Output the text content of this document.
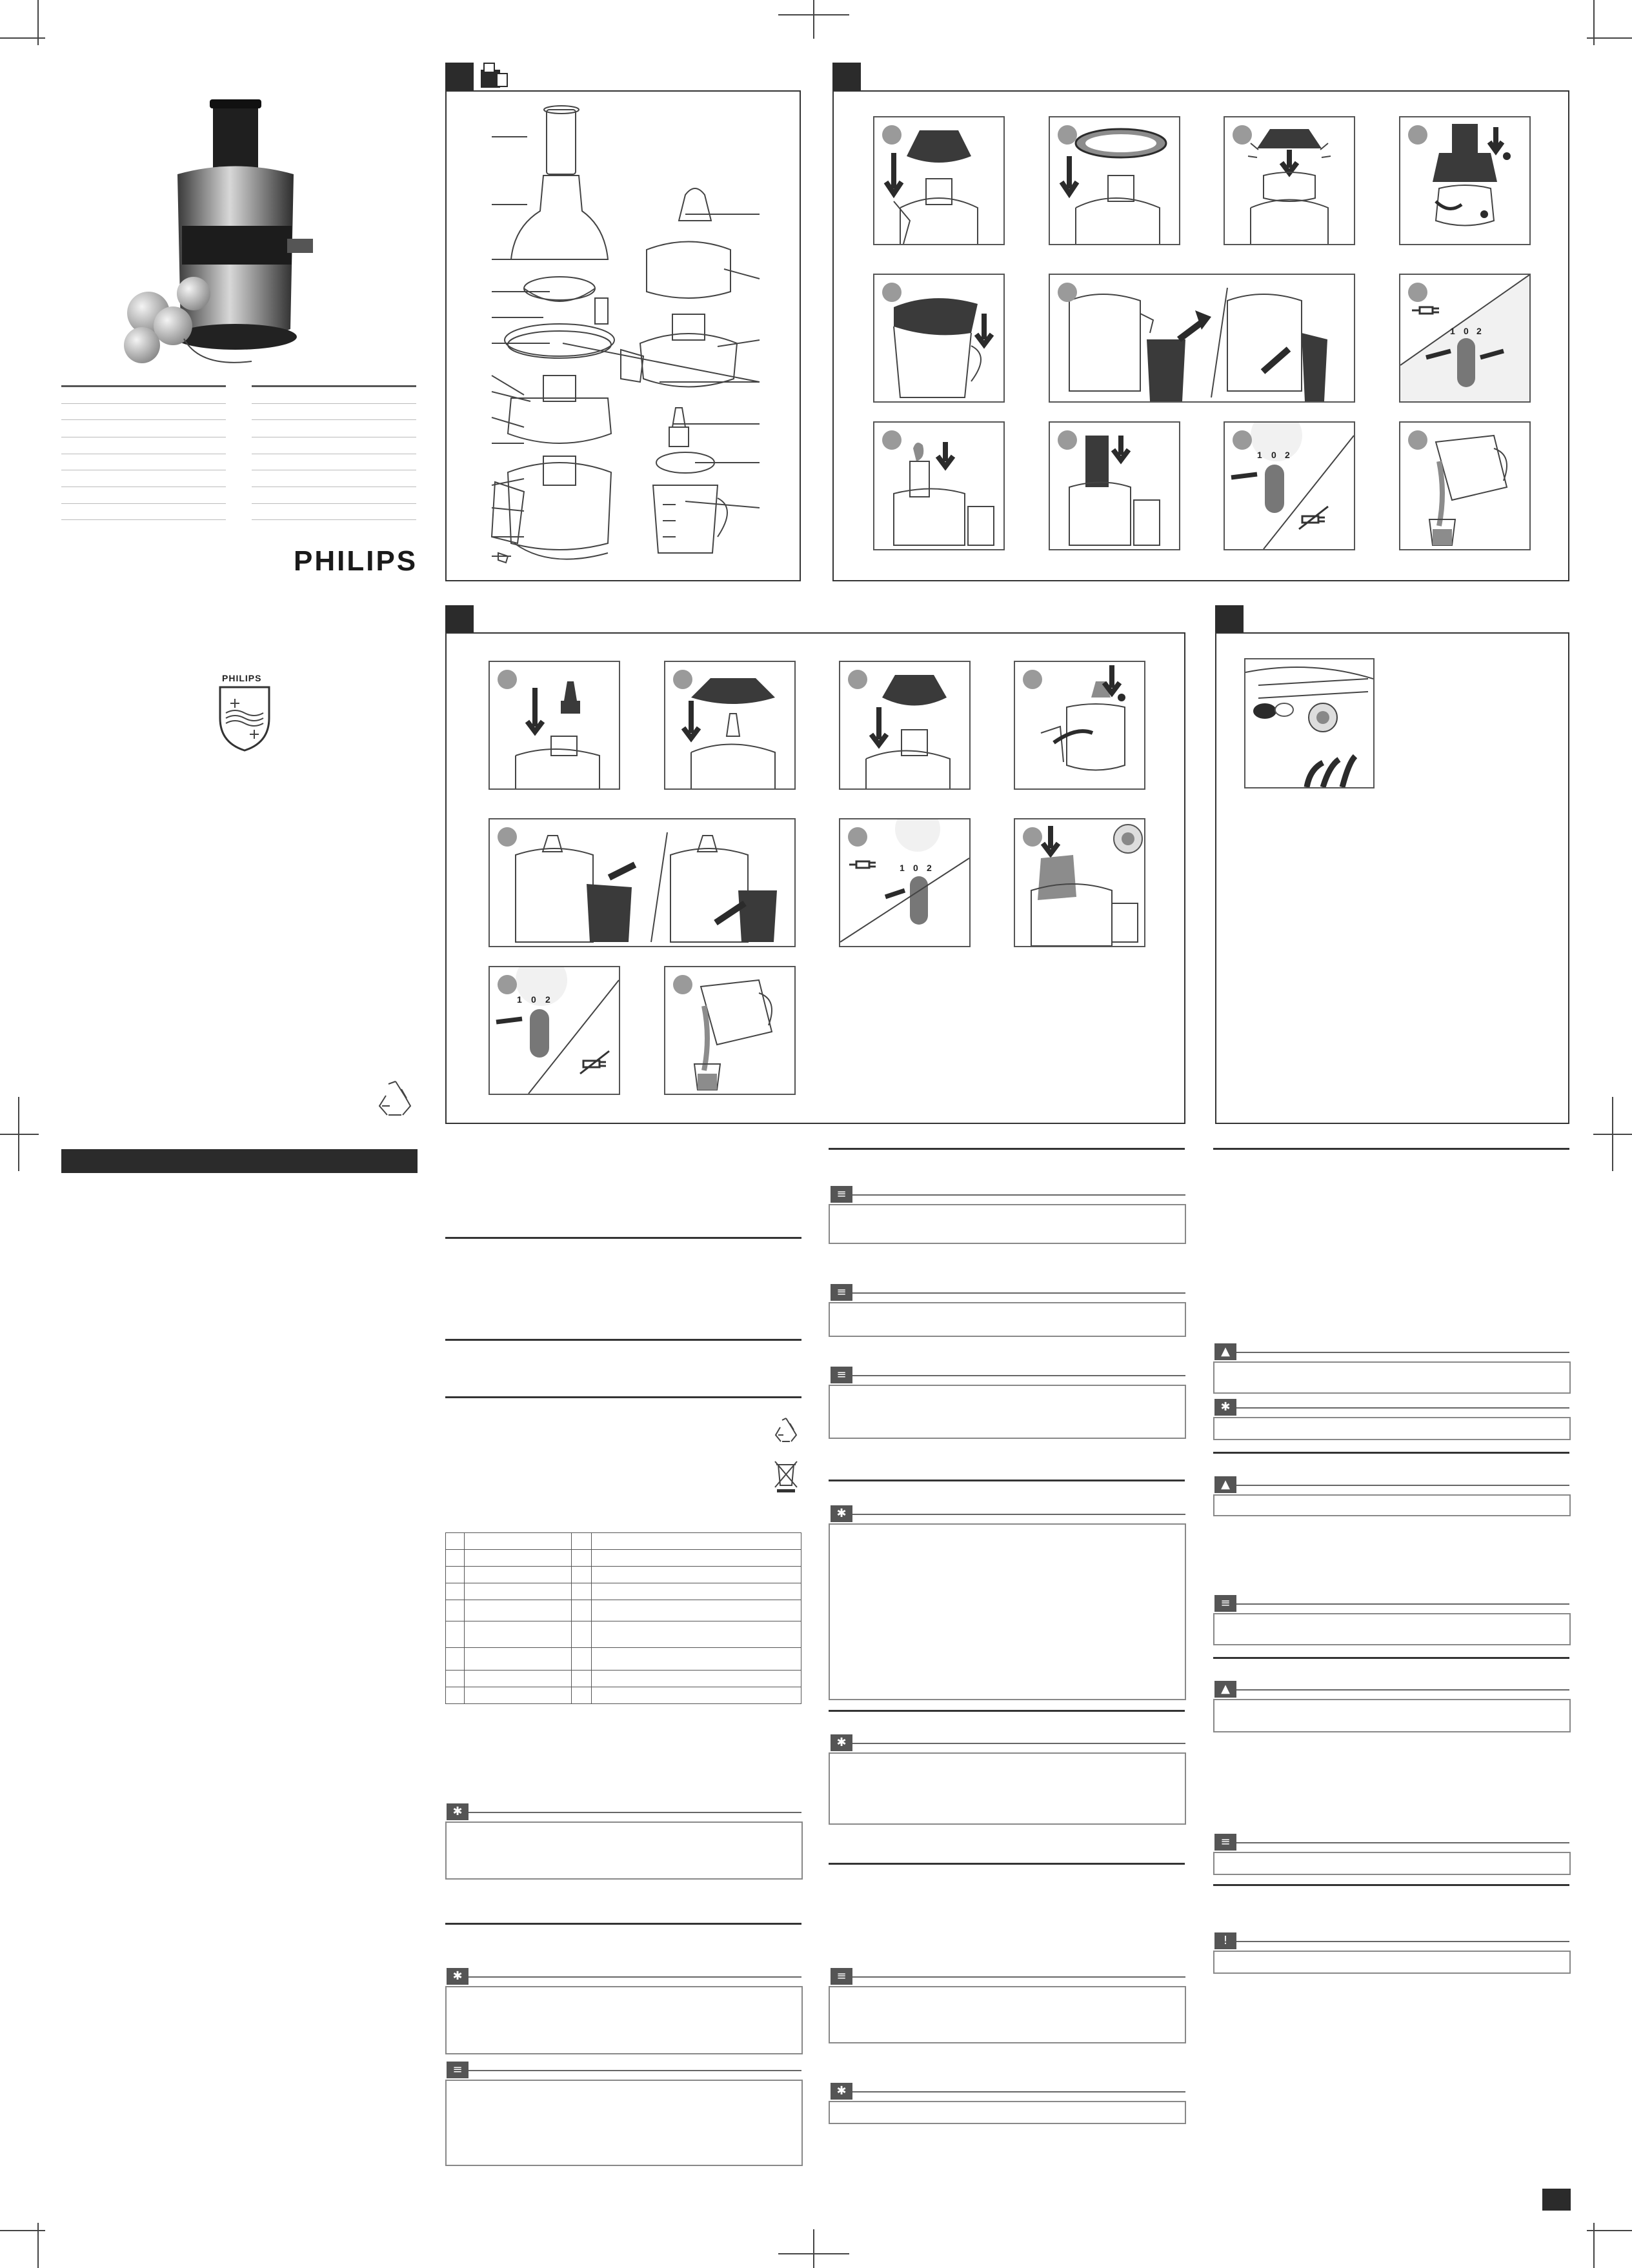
PHILIPS
PHILIPS
1 0 2
1 0 2
1 0 2
1 0 2

✱
✱
≡
≡
≡
≡
✱
✱
≡
✱
▲
✱
▲
≡
▲
≡
!
